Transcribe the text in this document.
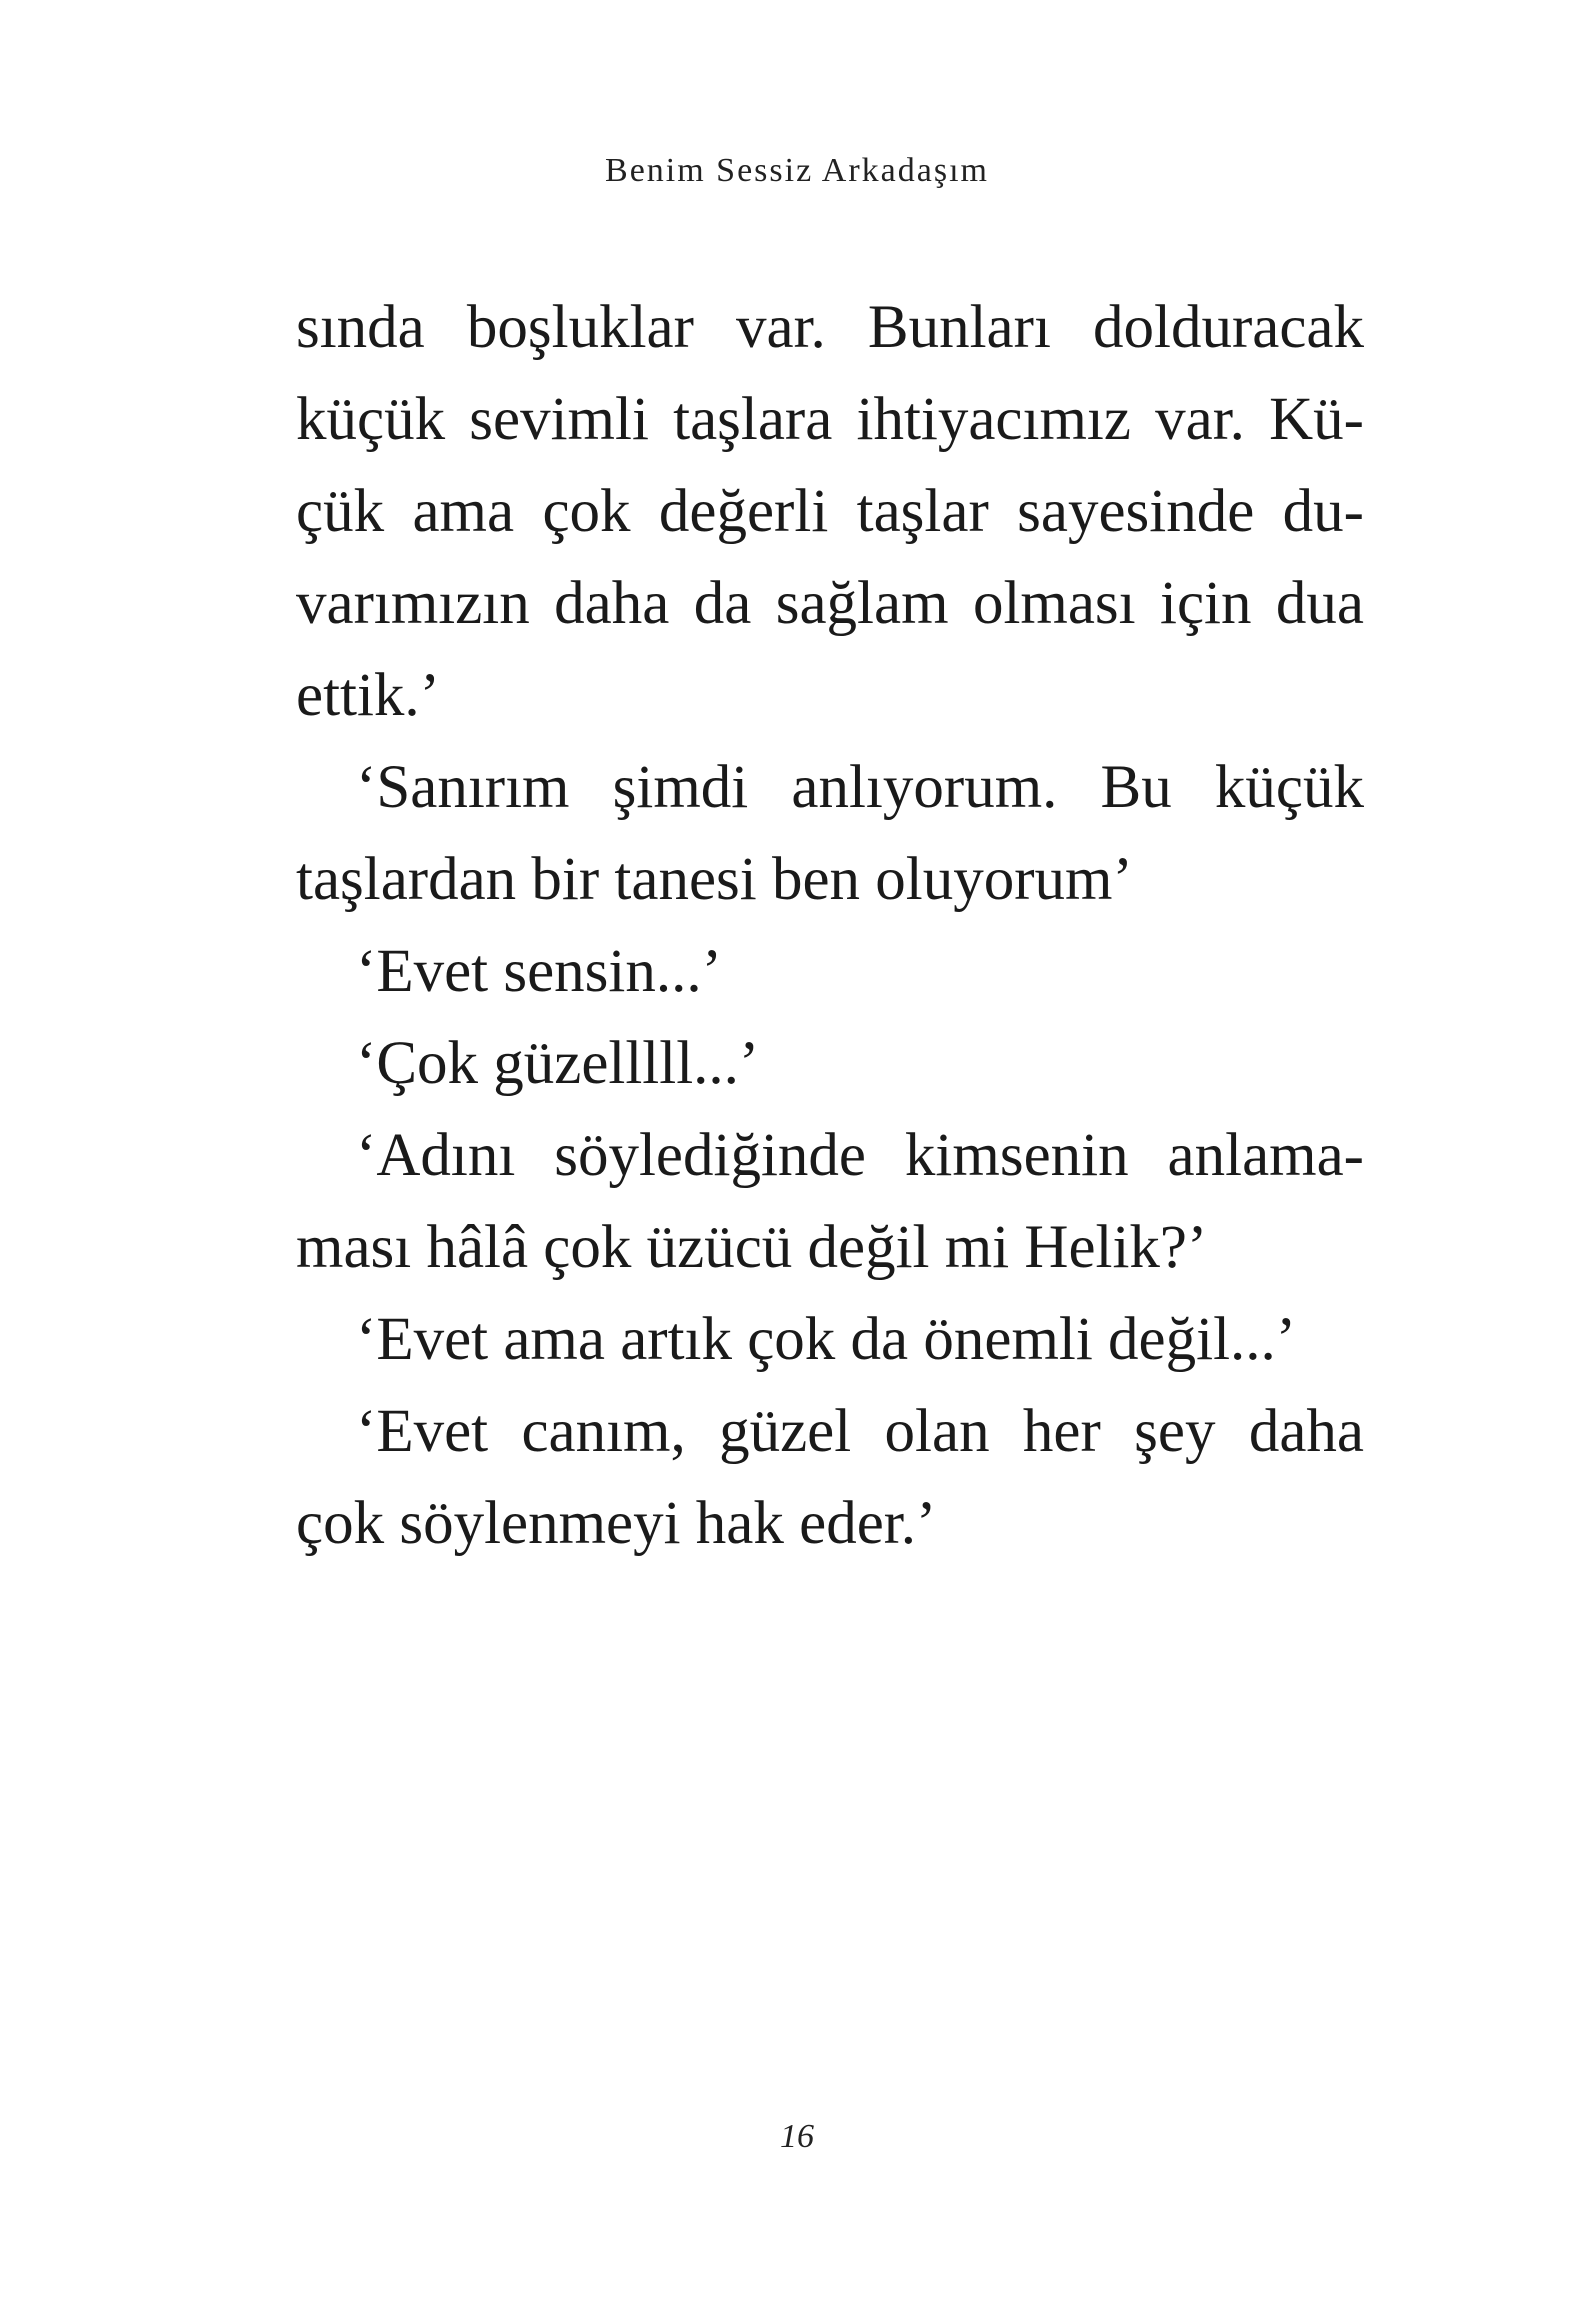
Benim Sessiz Arkadaşım
sında boşluklar var. Bunları dolduracak
küçük sevimli taşlara ihtiyacımız var. Kü-
çük ama çok değerli taşlar sayesinde du-
varımızın daha da sağlam olması için dua
ettik.’
‘Sanırım şimdi anlıyorum. Bu küçük
taşlardan bir tanesi ben oluyorum’
‘Evet sensin...’
‘Çok güzelllll...’
‘Adını söylediğinde kimsenin anlama-
ması hâlâ çok üzücü değil mi Helik?’
‘Evet ama artık çok da önemli değil...’
‘Evet canım, güzel olan her şey daha
çok söylenmeyi hak eder.’
16
